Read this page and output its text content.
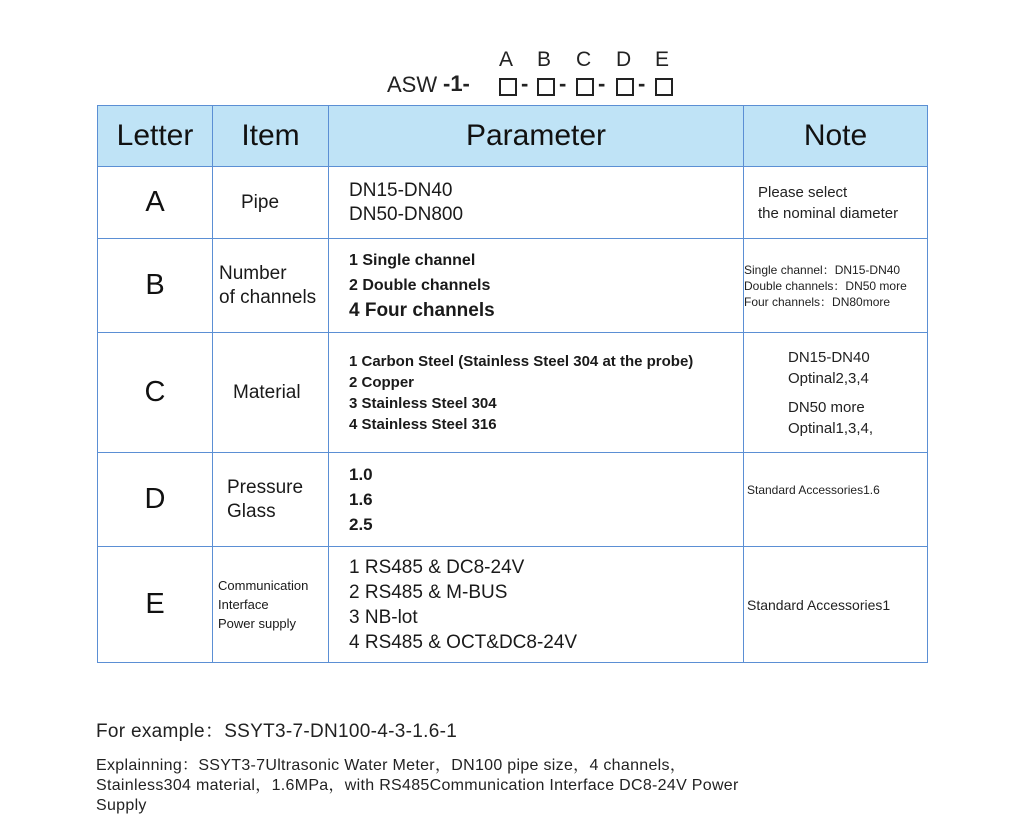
A B C D E
ASW -1- - - - -
Letter	Item	Parameter	Note
A	Pipe	DN15-DN40
DN50-DN800	Please select
the nominal diameter

B	Number
of channels	1 Single channel
2 Double channels
4 Four channels	Single channel：DN15-DN40
Double channels：DN50 more
Four channels：DN80more

C	Material	1 Carbon Steel (Stainless Steel 304 at the probe)
2 Copper
3 Stainless Steel 304
4 Stainless Steel 316	DN15-DN40
Optinal2,3,4
DN50 more
Optinal1,3,4,

D	Pressure
Glass	1.0
1.6
2.5	Standard Accessories1.6

E	Communication
Interface
Power supply	1 RS485 & DC8-24V
2 RS485 & M-BUS
3 NB-lot
4 RS485 & OCT&DC8-24V	Standard Accessories1
For example：SSYT3-7-DN100-4-3-1.6-1
Explainning：SSYT3-7Ultrasonic Water Meter，DN100 pipe size，4 channels，
Stainless304 material，1.6MPa，with RS485Communication Interface DC8-24V Power
Supply
